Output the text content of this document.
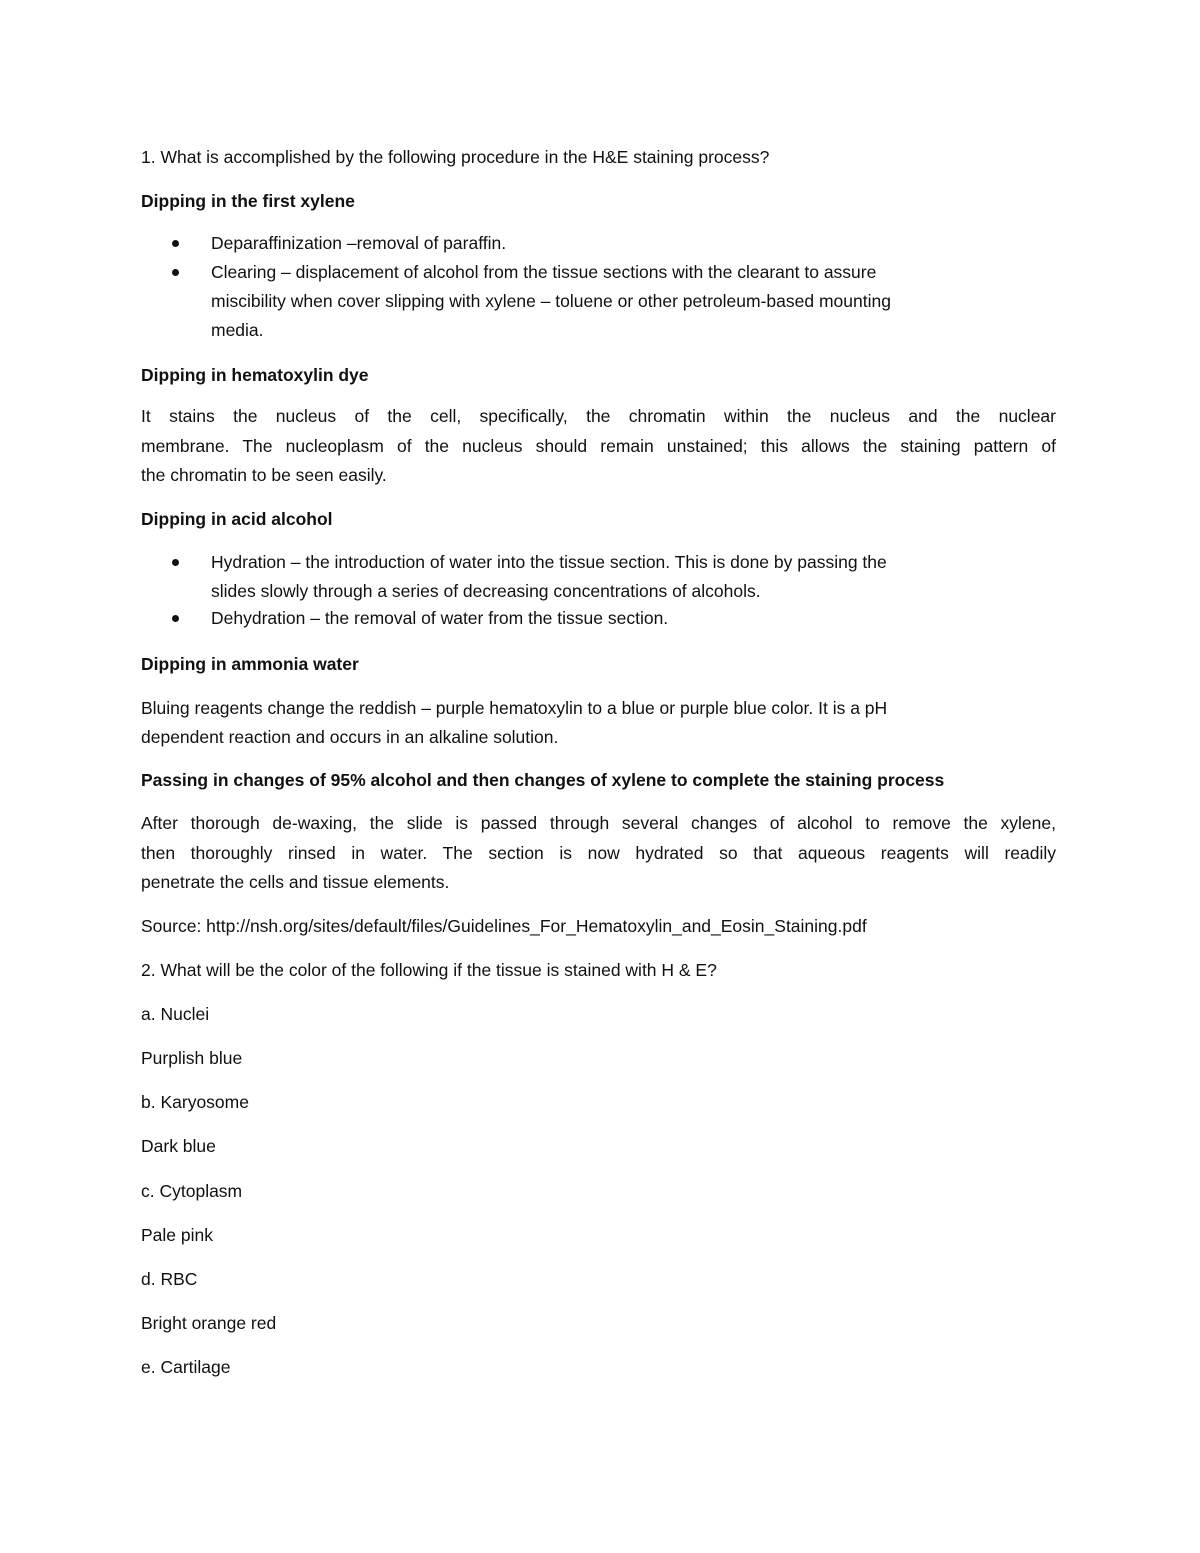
1. What is accomplished by the following procedure in the H&E staining process?
Dipping in the first xylene
Deparaffinization –removal of paraffin.
Clearing – displacement of alcohol from the tissue sections with the clearant to assure
miscibility when cover slipping with xylene – toluene or other petroleum-based mounting
media.
Dipping in hematoxylin dye
It stains the nucleus of the cell, specifically, the chromatin within the nucleus and the nuclear
membrane. The nucleoplasm of the nucleus should remain unstained; this allows the staining pattern of
the chromatin to be seen easily.
Dipping in acid alcohol
Hydration – the introduction of water into the tissue section. This is done by passing the
slides slowly through a series of decreasing concentrations of alcohols.
Dehydration – the removal of water from the tissue section.
Dipping in ammonia water
Bluing reagents change the reddish – purple hematoxylin to a blue or purple blue color. It is a pH
dependent reaction and occurs in an alkaline solution.
Passing in changes of 95% alcohol and then changes of xylene to complete the staining process
After thorough de-waxing, the slide is passed through several changes of alcohol to remove the xylene,
then thoroughly rinsed in water. The section is now hydrated so that aqueous reagents will readily
penetrate the cells and tissue elements.
Source: http://nsh.org/sites/default/files/Guidelines_For_Hematoxylin_and_Eosin_Staining.pdf
2. What will be the color of the following if the tissue is stained with H & E?
a. Nuclei
Purplish blue
b. Karyosome
Dark blue
c. Cytoplasm
Pale pink
d. RBC
Bright orange red
e. Cartilage
